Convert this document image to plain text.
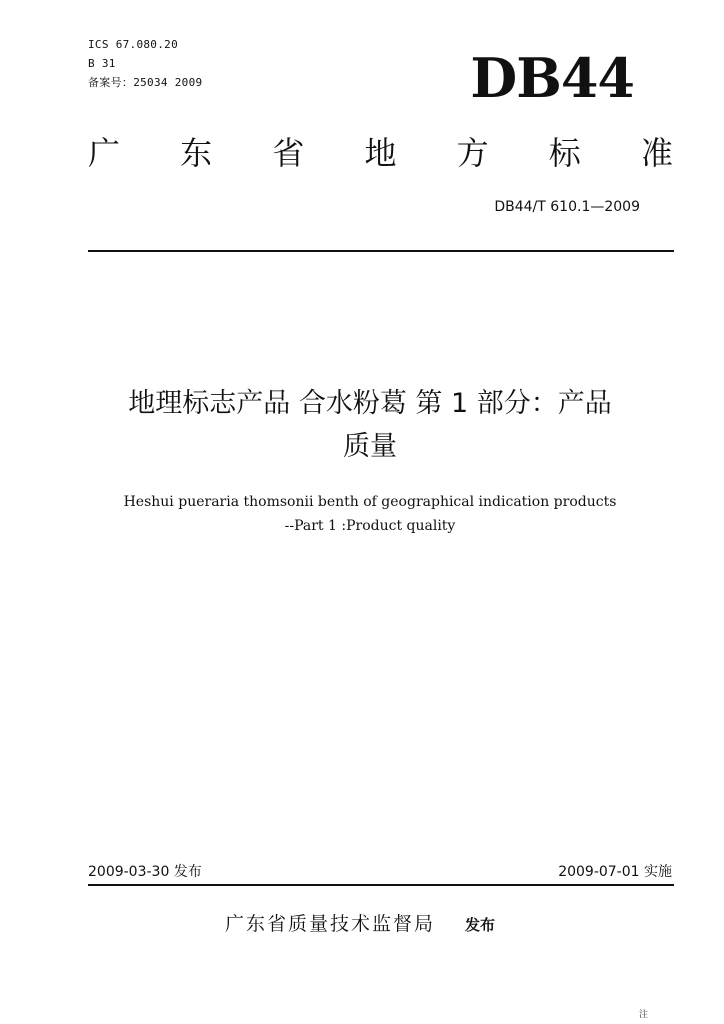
ICS 67.080.20
B 31
备案号：25034 2009	DB44
广 东 省 地 方 标 准
DB44/T 610.1—2009
地理标志产品 合水粉葛 第 1 部分：产品
质量
Heshui pueraria thomsonii benth of geographical indication products
--Part 1 :Product quality
2009-03-30 发布	2009-07-01 实施
广东省质量技术监督局 发布
注
